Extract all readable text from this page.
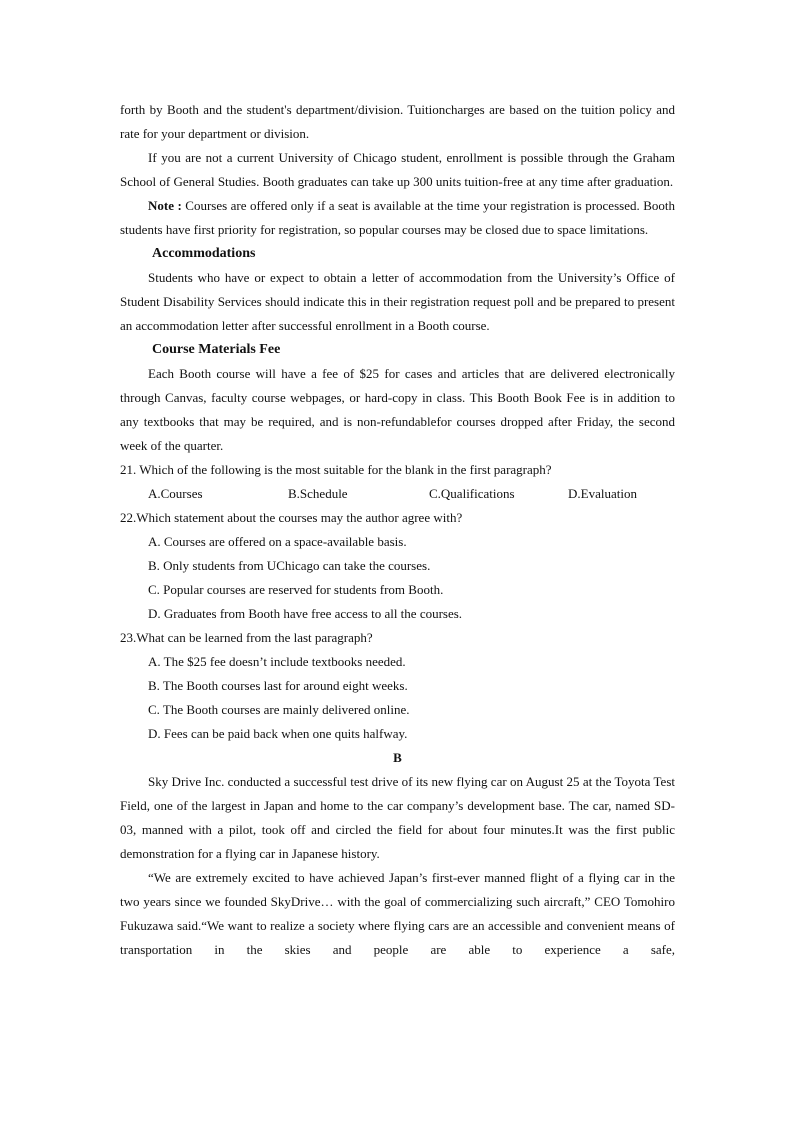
forth by Booth and the student's department/division. Tuitioncharges are based on the tuition policy and rate for your department or division.

If you are not a current University of Chicago student, enrollment is possible through the Graham School of General Studies. Booth graduates can take up 300 units tuition-free at any time after graduation.

Note : Courses are offered only if a seat is available at the time your registration is processed. Booth students have first priority for registration, so popular courses may be closed due to space limitations.

Accommodations

Students who have or expect to obtain a letter of accommodation from the University’s Office of Student Disability Services should indicate this in their registration request poll and be prepared to present an accommodation letter after successful enrollment in a Booth course.

Course Materials Fee

Each Booth course will have a fee of $25 for cases and articles that are delivered electronically through Canvas, faculty course webpages, or hard-copy in class. This Booth Book Fee is in addition to any textbooks that may be required, and is non-refundablefor courses dropped after Friday, the second week of the quarter.

21. Which of the following is the most suitable for the blank in the first paragraph?

A.Courses	B.Schedule	C.Qualifications	D.Evaluation

22.Which statement about the courses may the author agree with?

A. Courses are offered on a space-available basis.

B. Only students from UChicago can take the courses.

C. Popular courses are reserved for students from Booth.

D. Graduates from Booth have free access to all the courses.

23.What can be learned from the last paragraph?

A. The $25 fee doesn’t include textbooks needed.

B. The Booth courses last for around eight weeks.

C. The Booth courses are mainly delivered online.

D. Fees can be paid back when one quits halfway.

B

Sky Drive Inc. conducted a successful test drive of its new flying car on August 25 at the Toyota Test Field, one of the largest in Japan and home to the car company’s development base. The car, named SD-03, manned with a pilot, took off and circled the field for about four minutes.It was the first public demonstration for a flying car in Japanese history.

“We are extremely excited to have achieved Japan’s first-ever manned flight of a flying car in the two years since we founded SkyDrive… with the goal of commercializing such aircraft,” CEO Tomohiro Fukuzawa said.“We want to realize a society where flying cars are an accessible and convenient means of transportation in the skies and people are able to experience a safe,
